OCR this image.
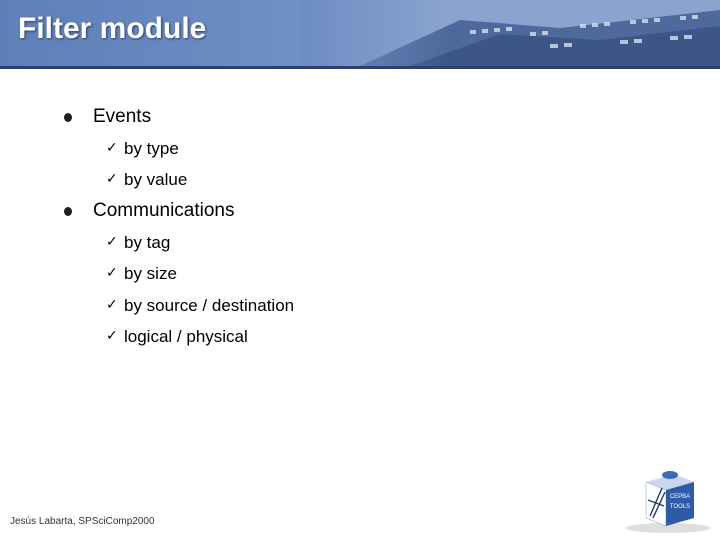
Filter module
Events
✓ by type
✓ by value
Communications
✓ by tag
✓ by size
✓ by source / destination
✓ logical / physical
Jesús Labarta, SPSciComp2000
CEPBA
TOOLS
